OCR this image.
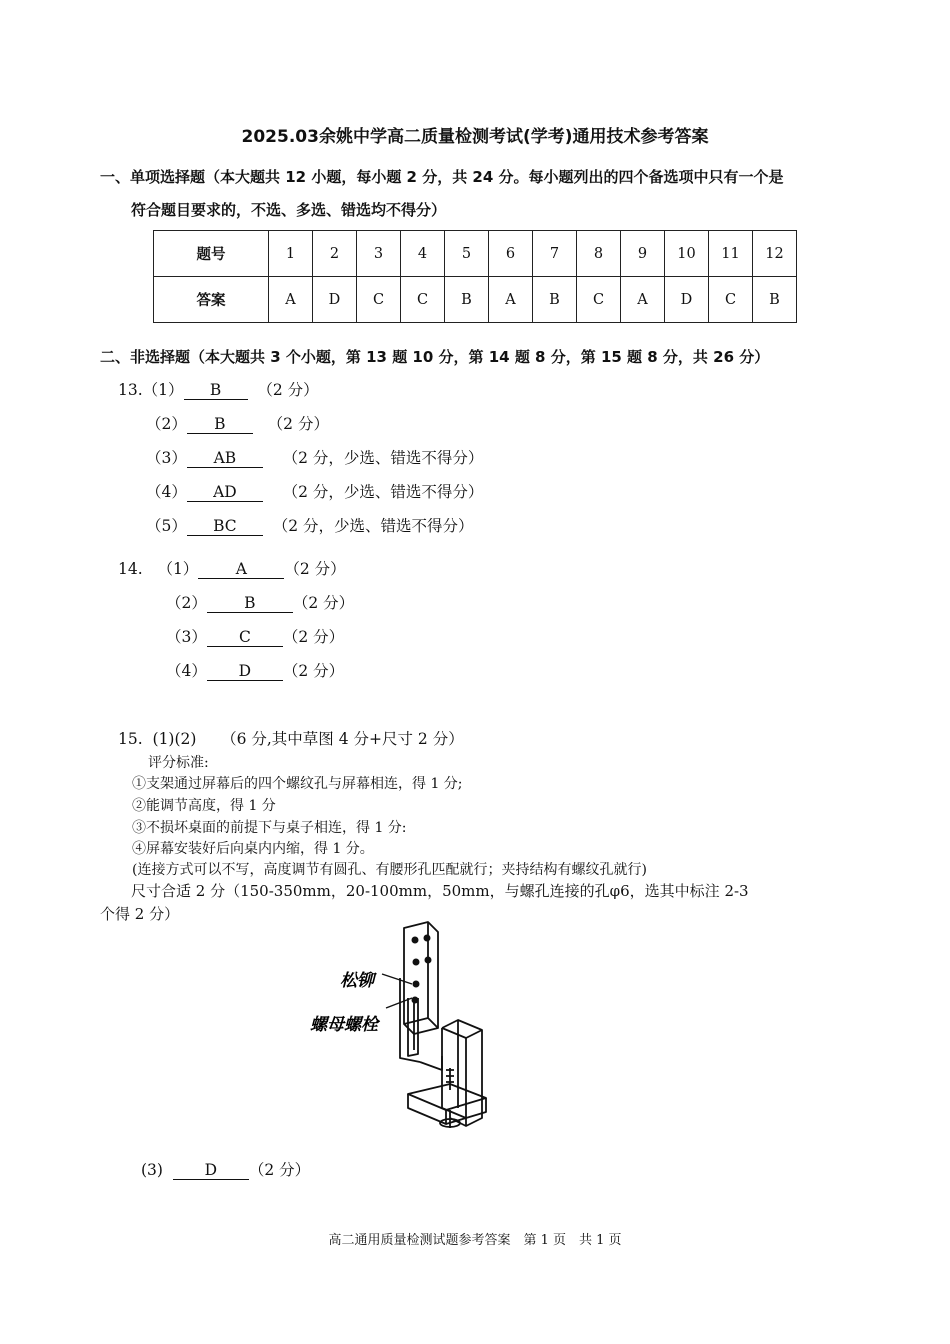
2025.03余姚中学高二质量检测考试(学考)通用技术参考答案
一、单项选择题（本大题共 12 小题，每小题 2 分，共 24 分。每小题列出的四个备选项中只有一个是
符合题目要求的，不选、多选、错选均不得分）
题号	1	2	3	4	5	6	7	8	9	10	11	12
答案	A	D	C	C	B	A	B	C	A	D	C	B
二、非选择题（本大题共 3 个小题，第 13 题 10 分，第 14 题 8 分，第 15 题 8 分，共 26 分）
13.（1） B （2 分）
（2） B	（2 分）
（3） AB	（2 分，少选、错选不得分）
（4） AD	（2 分，少选、错选不得分）
（5） BC （2 分，少选、错选不得分）
14. （1） A （2 分）
（2） B （2 分）
（3） C （2 分）
（4） D （2 分）
15. (1)(2) （6 分,其中草图 4 分+尺寸 2 分）
评分标准:
①支架通过屏幕后的四个螺纹孔与屏幕相连，得 1 分;
②能调节高度，得 1 分
③不损坏桌面的前提下与桌子相连，得 1 分:
④屏幕安装好后向桌内内缩，得 1 分。
(连接方式可以不写，高度调节有圆孔、有腰形孔匹配就行；夹持结构有螺纹孔就行)
尺寸合适 2 分（150-350mm，20-100mm，50mm，与螺孔连接的孔φ6，选其中标注 2-3
个得 2 分）
松铆
螺母螺栓
(3)	D （2 分）
高二通用质量检测试题参考答案　第 1 页　共 1 页
